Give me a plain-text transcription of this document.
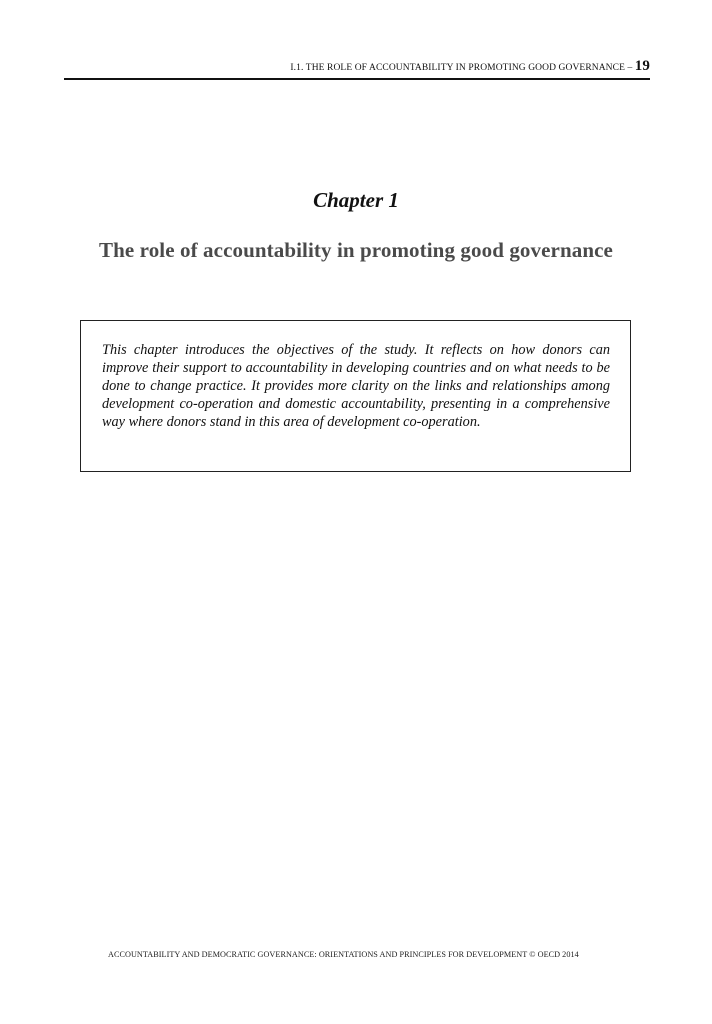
I.1. THE ROLE OF ACCOUNTABILITY IN PROMOTING GOOD GOVERNANCE – 19
Chapter 1
The role of accountability in promoting good governance

This chapter introduces the objectives of the study. It reflects on how donors can improve their support to accountability in developing countries and on what needs to be done to change practice. It provides more clarity on the links and relationships among development co-operation and domestic accountability, presenting in a comprehensive way where donors stand in this area of development co-operation.

ACCOUNTABILITY AND DEMOCRATIC GOVERNANCE: ORIENTATIONS AND PRINCIPLES FOR DEVELOPMENT © OECD 2014
